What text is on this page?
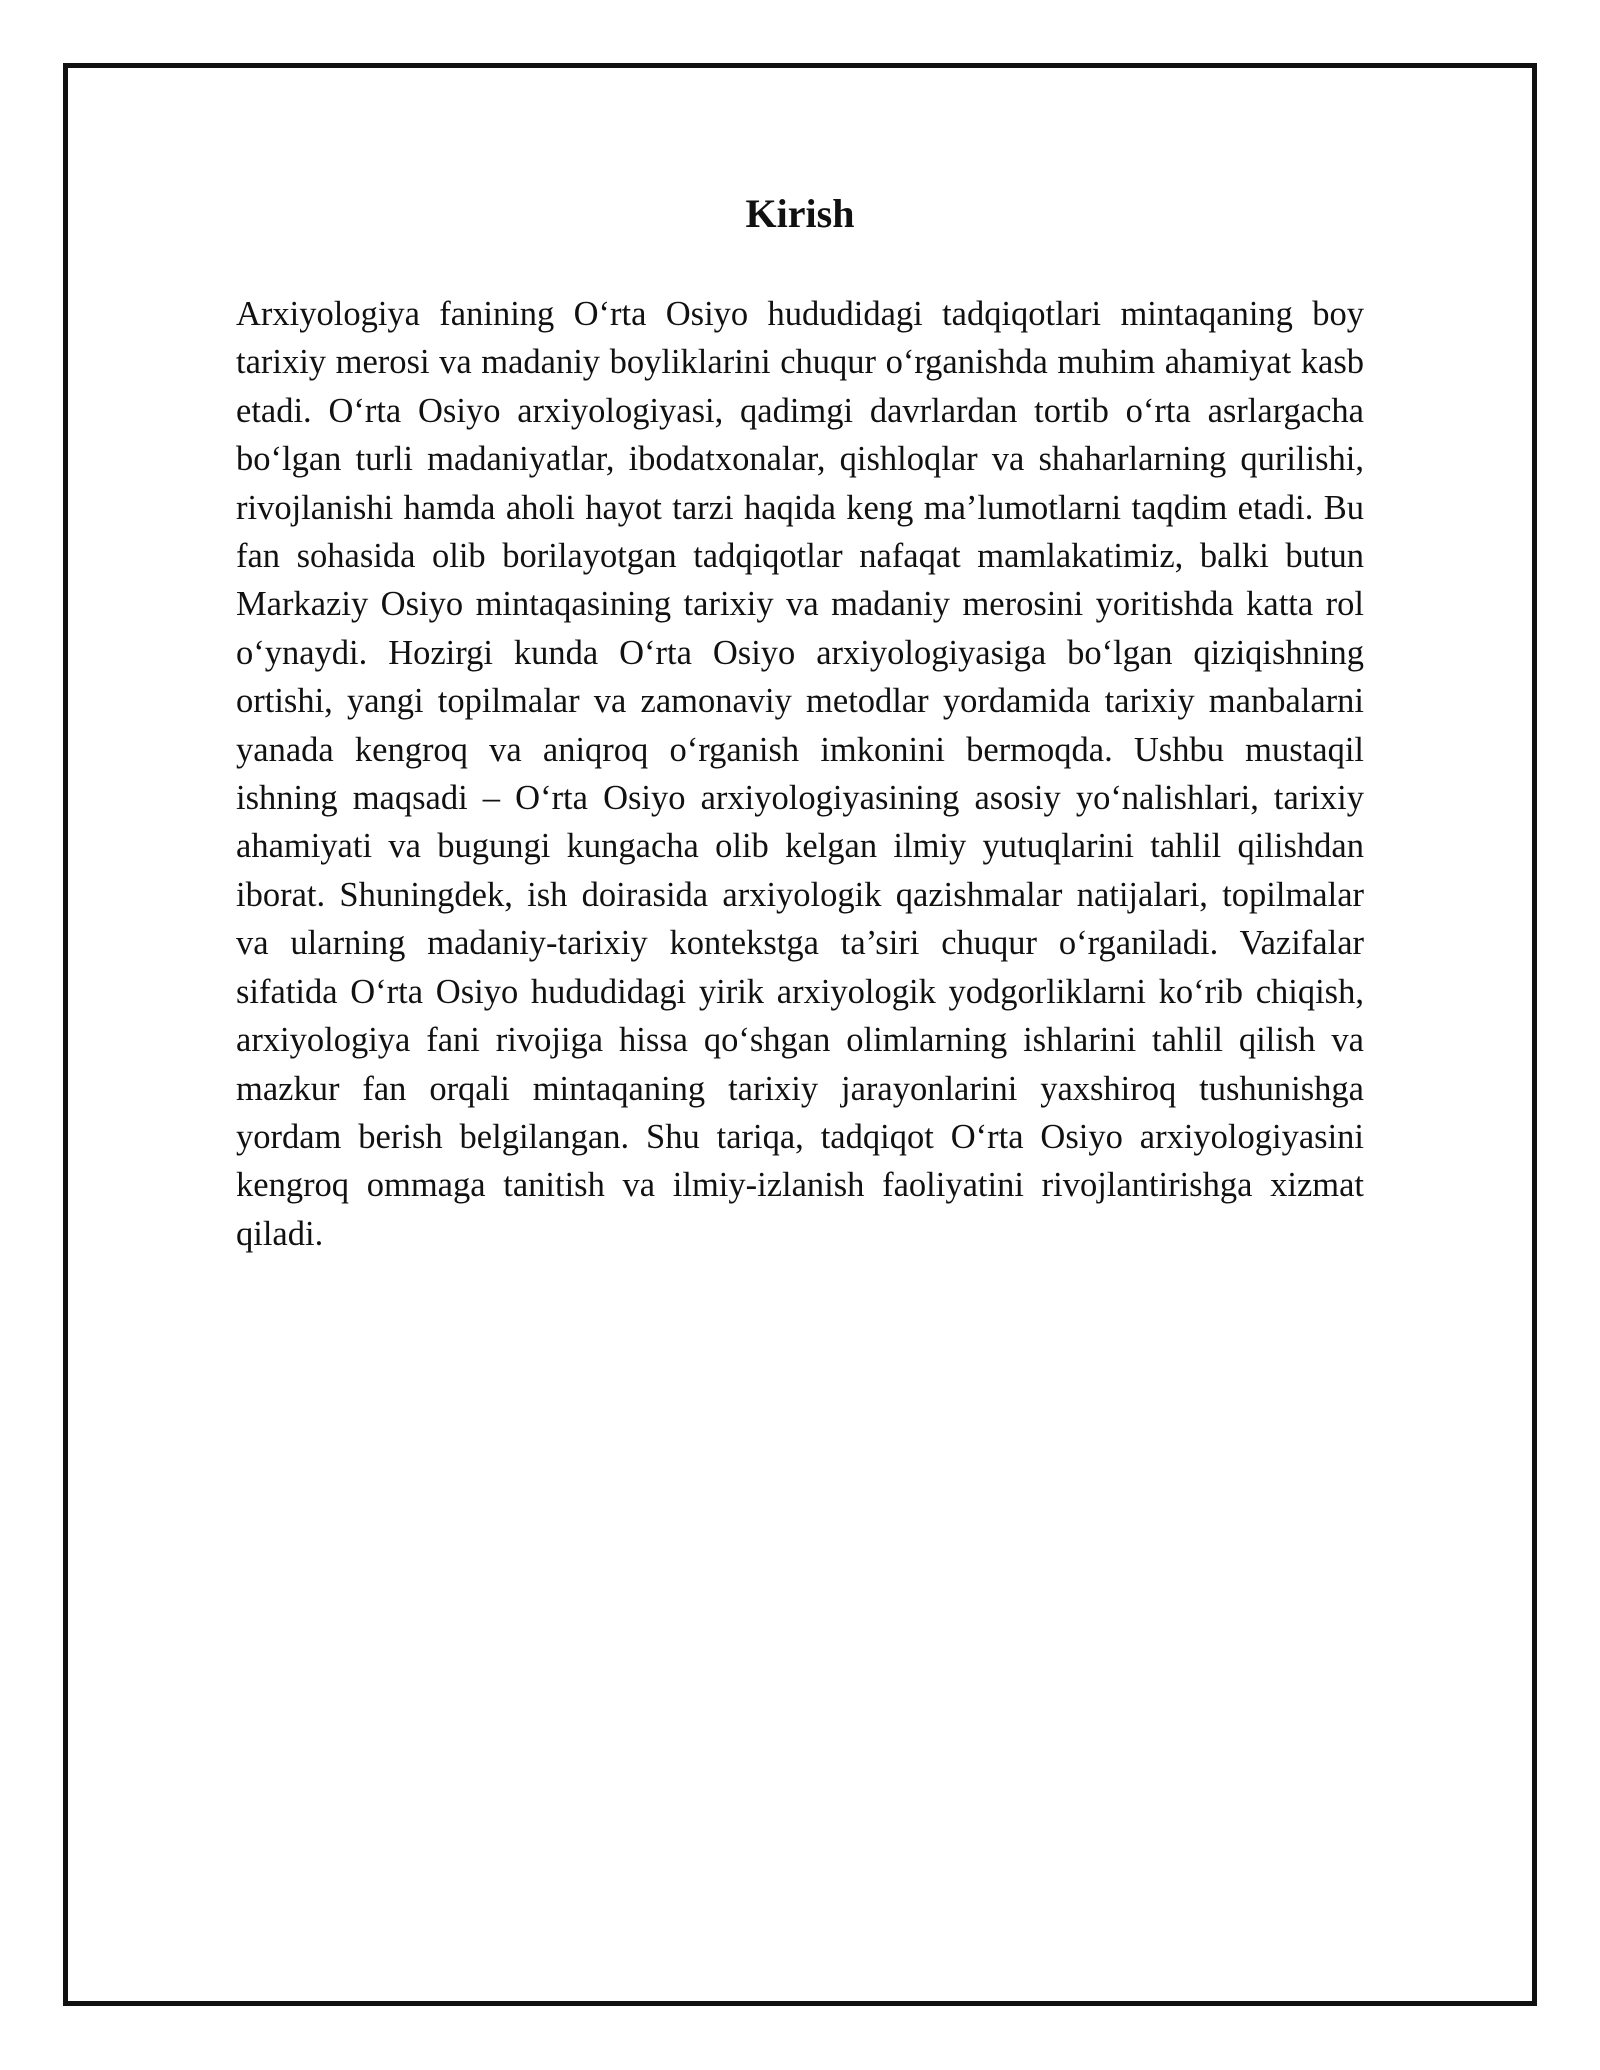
Kirish

Arxiyologiya fanining O‘rta Osiyo hududidagi tadqiqotlari mintaqaning boy tarixiy merosi va madaniy boyliklarini chuqur o‘rganishda muhim ahamiyat kasb etadi. O‘rta Osiyo arxiyologiyasi, qadimgi davrlardan tortib o‘rta asrlargacha bo‘lgan turli madaniyatlar, ibodatxonalar, qishloqlar va shaharlarning qurilishi, rivojlanishi hamda aholi hayot tarzi haqida keng ma’lumotlarni taqdim etadi. Bu fan sohasida olib borilayotgan tadqiqotlar nafaqat mamlakatimiz, balki butun Markaziy Osiyo mintaqasining tarixiy va madaniy merosini yoritishda katta rol o‘ynaydi. Hozirgi kunda O‘rta Osiyo arxiyologiyasiga bo‘lgan qiziqishning ortishi, yangi topilmalar va zamonaviy metodlar yordamida tarixiy manbalarni yanada kengroq va aniqroq o‘rganish imkonini bermoqda. Ushbu mustaqil ishning maqsadi – O‘rta Osiyo arxiyologiyasining asosiy yo‘nalishlari, tarixiy ahamiyati va bugungi kungacha olib kelgan ilmiy yutuqlarini tahlil qilishdan iborat. Shuningdek, ish doirasida arxiyologik qazishmalar natijalari, topilmalar va ularning madaniy-tarixiy kontekstga ta’siri chuqur o‘rganiladi. Vazifalar sifatida O‘rta Osiyo hududidagi yirik arxiyologik yodgorliklarni ko‘rib chiqish, arxiyologiya fani rivojiga hissa qo‘shgan olimlarning ishlarini tahlil qilish va mazkur fan orqali mintaqaning tarixiy jarayonlarini yaxshiroq tushunishga yordam berish belgilangan. Shu tariqa, tadqiqot O‘rta Osiyo arxiyologiyasini kengroq ommaga tanitish va ilmiy-izlanish faoliyatini rivojlantirishga xizmat qiladi.
